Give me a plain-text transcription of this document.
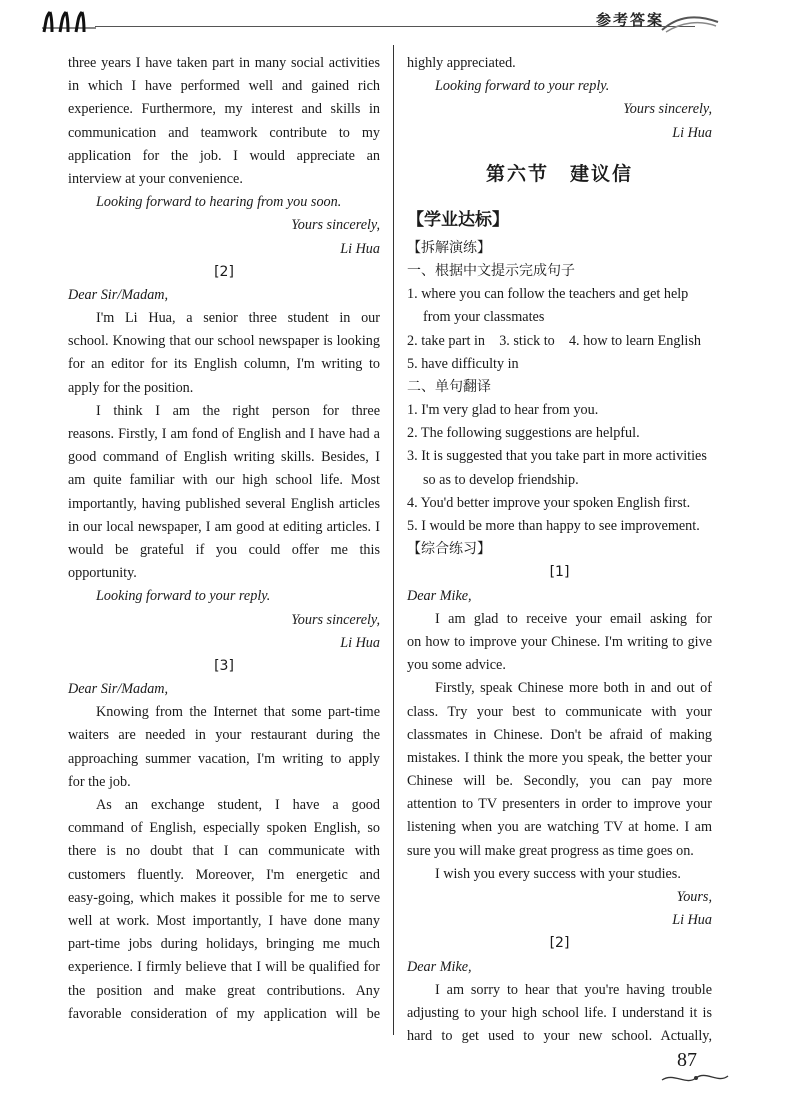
参考答案
three years I have taken part in many social activities
in which I have performed well and gained rich
experience. Furthermore, my interest and skills in
communication and teamwork contribute to my
application for the job. I would appreciate an
interview at your convenience.
Looking forward to hearing from you soon.
Yours sincerely,
Li Hua
[2]
Dear Sir/Madam,
I'm Li Hua, a senior three student in our
school. Knowing that our school newspaper is looking
for an editor for its English column, I'm writing to
apply for the position.
I think I am the right person for three
reasons. Firstly, I am fond of English and I have had a
good command of English writing skills. Besides, I
am quite familiar with our high school life. Most
importantly, having published several English articles
in our local newspaper, I am good at editing articles. I
would be grateful if you could offer me this
opportunity.
Looking forward to your reply.
Yours sincerely,
Li Hua
[3]
Dear Sir/Madam,
Knowing from the Internet that some part-time
waiters are needed in your restaurant during the
approaching summer vacation, I'm writing to apply
for the job.
As an exchange student, I have a good
command of English, especially spoken English, so
there is no doubt that I can communicate with
customers fluently. Moreover, I'm energetic and
easy-going, which makes it possible for me to serve
well at work. Most importantly, I have done many
part-time jobs during holidays, bringing me much
experience. I firmly believe that I will be qualified for
the position and make great contributions. Any
favorable consideration of my application will be
highly appreciated.
Looking forward to your reply.
Yours sincerely,
Li Hua
第六节　建议信
【学业达标】
【拆解演练】
一、根据中文提示完成句子
1. where you can follow the teachers and get help
from your classmates
2. take part in　3. stick to　4. how to learn English
5. have difficulty in
二、单句翻译
1. I'm very glad to hear from you.
2. The following suggestions are helpful.
3. It is suggested that you take part in more activities
so as to develop friendship.
4. You'd better improve your spoken English first.
5. I would be more than happy to see improvement.
【综合练习】
[1]
Dear Mike,
I am glad to receive your email asking for
on how to improve your Chinese. I'm writing to give
you some advice.
Firstly, speak Chinese more both in and out of
class. Try your best to communicate with your
classmates in Chinese. Don't be afraid of making
mistakes. I think the more you speak, the better your
Chinese will be. Secondly, you can pay more
attention to TV presenters in order to improve your
listening when you are watching TV at home. I am
sure you will make great progress as time goes on.
I wish you every success with your studies.
Yours,
Li Hua
[2]
Dear Mike,
I am sorry to hear that you're having trouble
adjusting to your high school life. I understand it is
hard to get used to your new school. Actually,
87
